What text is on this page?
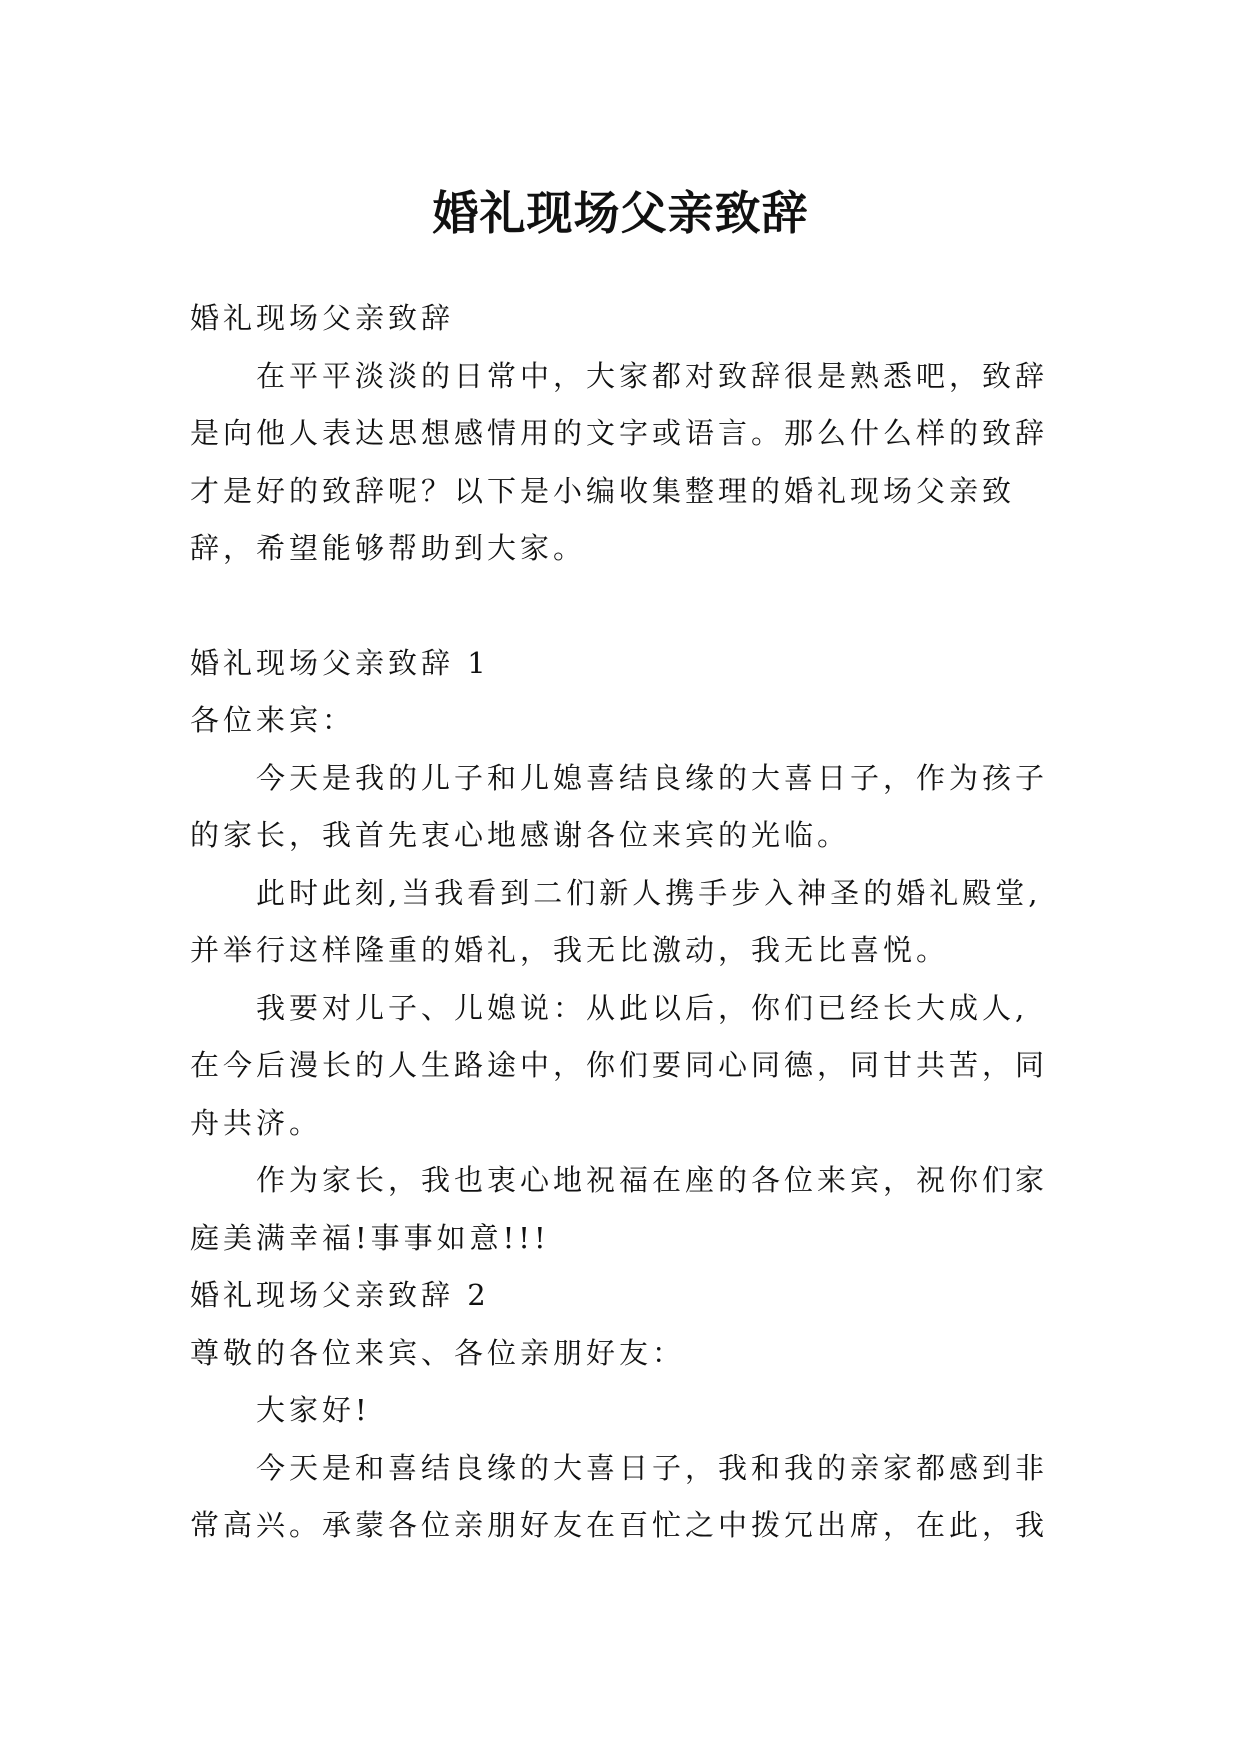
婚礼现场父亲致辞

婚礼现场父亲致辞

在平平淡淡的日常中，大家都对致辞很是熟悉吧，致辞是向他人表达思想感情用的文字或语言。那么什么样的致辞才是好的致辞呢？以下是小编收集整理的婚礼现场父亲致辞，希望能够帮助到大家。

婚礼现场父亲致辞 1

各位来宾：

今天是我的儿子和儿媳喜结良缘的大喜日子，作为孩子的家长，我首先衷心地感谢各位来宾的光临。

此时此刻,当我看到二们新人携手步入神圣的婚礼殿堂,并举行这样隆重的婚礼，我无比激动，我无比喜悦。

我要对儿子、儿媳说：从此以后，你们已经长大成人,在今后漫长的人生路途中，你们要同心同德，同甘共苦，同舟共济。

作为家长，我也衷心地祝福在座的各位来宾，祝你们家庭美满幸福!事事如意!!!

婚礼现场父亲致辞 2

尊敬的各位来宾、各位亲朋好友：

大家好!

今天是和喜结良缘的大喜日子，我和我的亲家都感到非常高兴。承蒙各位亲朋好友在百忙之中拨冗出席，在此，我
